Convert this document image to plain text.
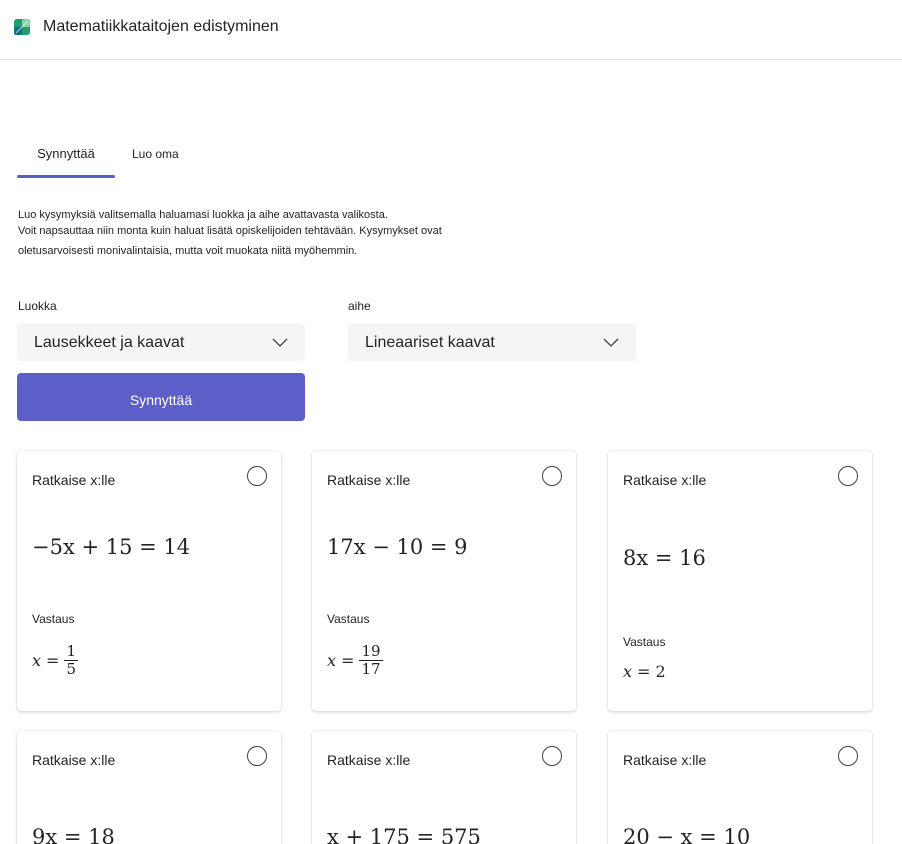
Matematiikkataitojen edistyminen
Synnyttää	Luo oma
Luo kysymyksiä valitsemalla haluamasi luokka ja aihe avattavasta valikosta.
Voit napsauttaa niin monta kuin haluat lisätä opiskelijoiden tehtävään. Kysymykset ovat
oletusarvoisesti monivalintaisia, mutta voit muokata niitä myöhemmin.
Luokka
Lausekkeet ja kaavat
aihe
Lineaariset kaavat
Synnyttää
Ratkaise x:lle
−5x + 15 = 14
Vastaus
$x = \frac{1}{5}$
Ratkaise x:lle
17x − 10 = 9
Vastaus
$x = \frac{19}{17}$
Ratkaise x:lle
8x = 16
Vastaus
x = 2
Ratkaise x:lle
9x = 18
Ratkaise x:lle
x + 175 = 575
Ratkaise x:lle
20 − x = 10
